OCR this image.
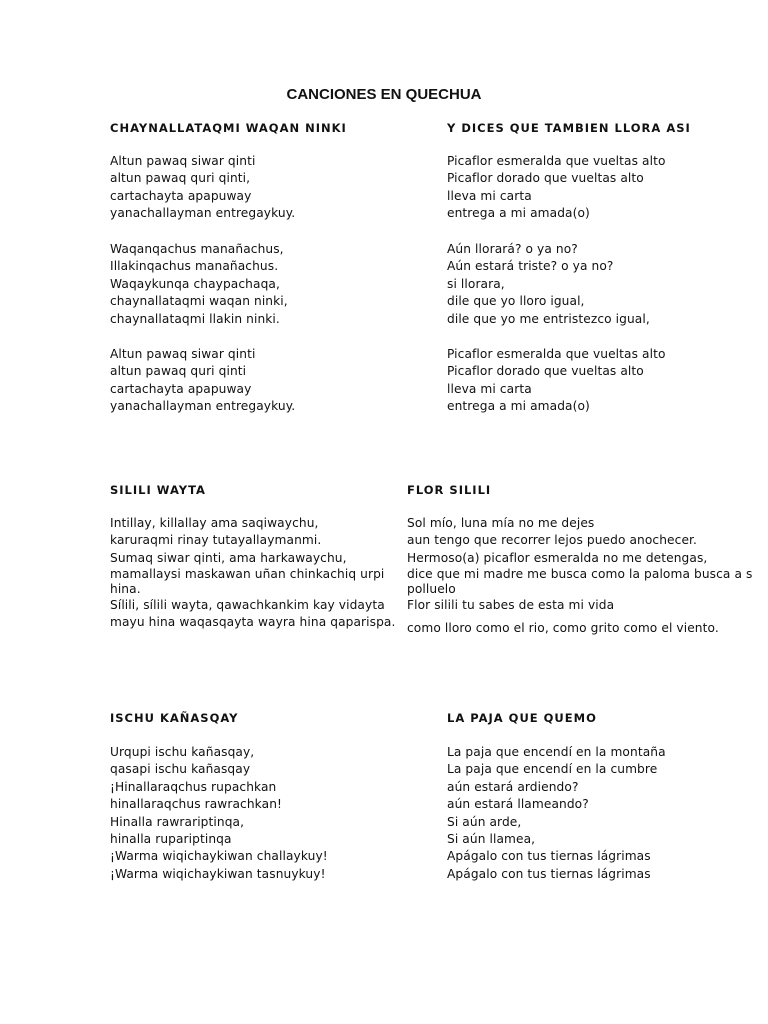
CANCIONES EN QUECHUA
CHAYNALLATAQMI WAQAN NINKI	Y DICES QUE TAMBIEN LLORA ASI
Altun pawaq siwar qinti
altun pawaq quri qinti,
cartachayta apapuway
yanachallayman entregaykuy.
Waqanqachus manañachus,
Illakinqachus manañachus.
Waqaykunqa chaypachaqa,
chaynallataqmi waqan ninki,
chaynallataqmi llakin ninki.
Altun pawaq siwar qinti
altun pawaq quri qinti
cartachayta apapuway
yanachallayman entregaykuy.
Picaflor esmeralda que vueltas alto
Picaflor dorado que vueltas alto
lleva mi carta
entrega a mi amada(o)
Aún llorará? o ya no?
Aún estará triste? o ya no?
si llorara,
dile que yo lloro igual,
dile que yo me entristezco igual,
Picaflor esmeralda que vueltas alto
Picaflor dorado que vueltas alto
lleva mi carta
entrega a mi amada(o)
SILILI WAYTA	FLOR SILILI
Intillay, killallay ama saqiwaychu,
karuraqmi rinay tutayallaymanmi.
Sumaq siwar qinti, ama harkawaychu,
mamallaysi maskawan uñan chinkachiq urpi hina.
Sílili, sílili wayta, qawachkankim kay vidayta
mayu hina waqasqayta wayra hina qaparispa.
Sol mío, luna mía no me dejes
aun tengo que recorrer lejos puedo anochecer.
Hermoso(a) picaflor esmeralda no me detengas,
dice que mi madre me busca como la paloma busca a s
polluelo
Flor silili tu sabes de esta mi vida
como lloro como el rio, como grito como el viento.
ISCHU KAÑASQAY	LA PAJA QUE QUEMO
Urqupi ischu kañasqay,
qasapi ischu kañasqay
¡Hinallaraqchus rupachkan
hinallaraqchus rawrachkan!
Hinalla rawrariptinqa,
hinalla rupariptinqa
¡Warma wiqichaykiwan challaykuy!
¡Warma wiqichaykiwan tasnuykuy!
La paja que encendí en la montaña
La paja que encendí en la cumbre
aún estará ardiendo?
aún estará llameando?
Si aún arde,
Si aún llamea,
Apágalo con tus tiernas lágrimas
Apágalo con tus tiernas lágrimas
